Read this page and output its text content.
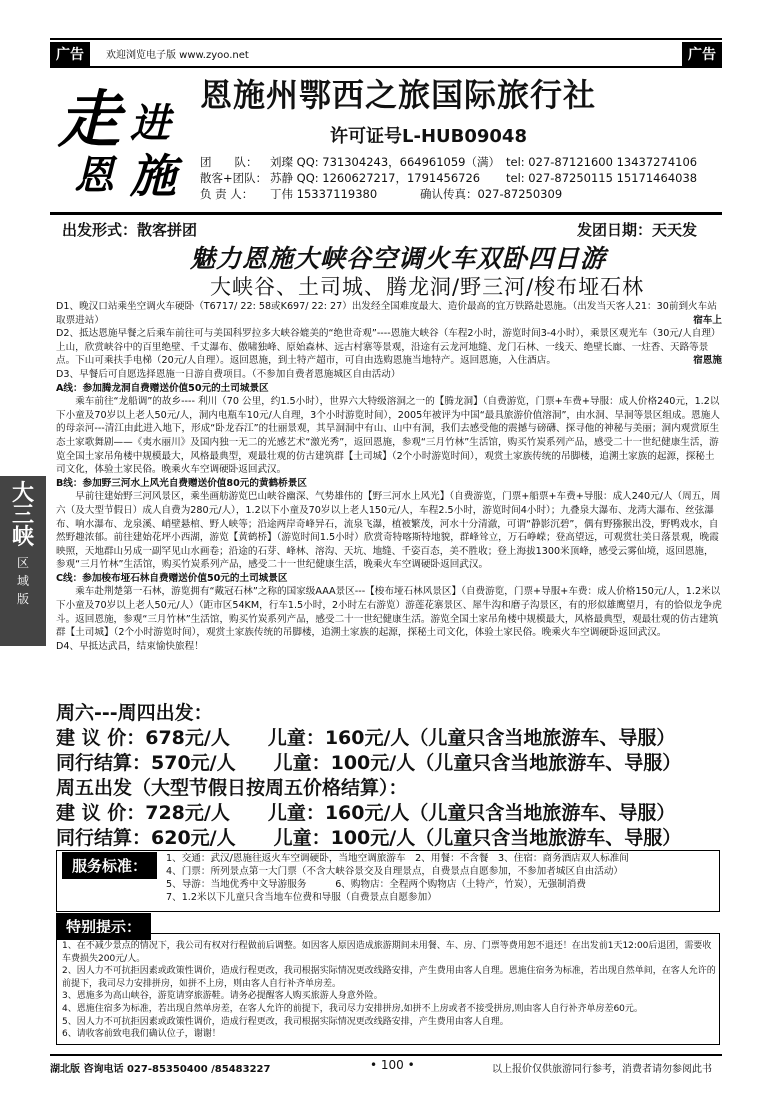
广告	欢迎浏览电子版 www.zyoo.net	广告
走 进
恩 施
恩施州鄂西之旅国际旅行社
许可证号L-HUB09048
团　　队： 刘璨 QQ: 731304243，664961059（满） tel: 027-87121600 13437274106
散客+团队： 苏静 QQ: 1260627217，1791456726 tel: 027-87250115 15171464038
负 责 人： 丁伟 15337119380	确认传真：027-87250309
出发形式：散客拼团	发团日期：天天发
魅力恩施大峡谷空调火车双卧四日游
大峡谷、土司城、腾龙洞/野三河/梭布垭石林

D1、晚汉口站乘坐空调火车硬卧（T6717/ 22: 58或K697/ 22: 27）出发经全国难度最大、造价最高的宜万铁路赴恩施。（出发当天客人21：30前到火车站取票进站）	宿车上

D2、抵达恩施早餐之后乘车前往可与美国科罗拉多大峡谷媲美的“绝世奇观”----恩施大峡谷（车程2小时，游览时间3-4小时），乘景区观光车（30元/人自理）上山，欣赏峡谷中的百里绝壁、千丈瀑布、傲啸独峰、原始森林、远古村寨等景观，沿途有云龙河地缝、龙门石林、一线天、绝壁长廊、一炷香、天路等景点。下山可乘扶手电梯（20元/人自理）。返回恩施，到土特产超市，可自由选购恩施当地特产。返回恩施，入住酒店。	宿恩施

D3、早餐后可自愿选择恩施一日游自费项目。（不参加自费者恩施城区自由活动）

A线：参加腾龙洞自费赠送价值50元的土司城景区

乘车前往“龙船调”的故乡---- 利川（70 公里，约1.5小时），世界六大特级溶洞之一的【腾龙洞】（自费游览，门票+车费+导服：成人价格240元，1.2以下小童及70岁以上老人50元/人，洞内电瓶车10元/人自理，3个小时游览时间），2005年被评为中国“最具旅游价值溶洞”，由水洞、旱洞等景区组成。恩施人的母亲河---清江由此进入地下，形成“卧龙吞江”的壮丽景观，其旱洞洞中有山、山中有洞，我们去感受他的震撼与磅礴、探寻他的神秘与美丽；洞内观赏原生态土家歌舞剧——《夷水丽川》及国内独一无二的光感艺术“激光秀”，返回恩施，参观“三月竹林”生活馆，购买竹炭系列产品，感受二十一世纪健康生活，游览全国土家吊角楼中规模最大，风格最典型，观最壮观的仿古建筑群【土司城】（2个小时游览时间），观赏土家族传统的吊脚楼，追溯土家族的起源，探秘土司文化，体验土家民俗。晚乘火车空调硬卧返回武汉。

B线：参加野三河水上风光自费赠送价值80元的黄鹤桥景区

早前往建始野三河风景区，乘坐画舫游览巴山峡谷幽深、气势雄伟的【野三河水上风光】（自费游览，门票+船票+车费+导服：成人240元/人（周五，周六（及大型节假日）成人自费为280元/人），1.2以下小童及70岁以上老人150元/人，车程2.5小时，游览时间4小时）；九叠泉大瀑布、龙湾大瀑布、丝弦瀑布、响水瀑布、龙泉溪、峭壁悬棺、野人峡等；沿途两岸奇峰异石，流泉飞瀑，植被繁茂，河水十分清澈，可谓“静影沉碧”，偶有野猕猴出没，野鸭戏水，自然野趣浓郁。前往建始花坪小西湖，游览【黄鹤桥】（游览时间1.5小时）欣赏奇特喀斯特地貌，群峰耸立，万石峥嵘；登高望远，可观赏壮美日落景观，晚霞映照，天地群山另成一副罕见山水画卷；沿途的石芽、峰林、溶沟、天坑、地缝、千姿百态，美不胜收；登上海拔1300米顶峰，感受云雾仙境，返回恩施，参观“三月竹林”生活馆，购买竹炭系列产品，感受二十一世纪健康生活，晚乘火车空调硬卧返回武汉。

C线：参加梭布垭石林自费赠送价值50元的土司城景区

乘车赴荆楚第一石林，游览拥有“戴冠石林”之称的国家级AAA景区---【梭布垭石林风景区】（自费游览，门票+导服+车费：成人价格150元/人，1.2米以下小童及70岁以上老人50元/人）（距市区54KM，行车1.5小时，2小时左右游览）游莲花寨景区、犀牛沟和磨子沟景区，有的形似雄鹰望月，有的恰似龙争虎斗。返回恩施，参观“三月竹林”生活馆，购买竹炭系列产品，感受二十一世纪健康生活。游览全国土家吊角楼中规模最大，风格最典型，观最壮观的仿古建筑群【土司城】（2个小时游览时间），观赏土家族传统的吊脚楼，追溯土家族的起源，探秘土司文化，体验土家民俗。晚乘火车空调硬卧返回武汉。

D4、早抵达武昌，结束愉快旅程！

大
三
峡
区
域
版
周六---周四出发：
建 议 价：678元/人　　儿童：160元/人（儿童只含当地旅游车、导服）
同行结算：570元/人　　儿童：100元/人（儿童只含当地旅游车、导服）
周五出发（大型节假日按周五价格结算）：
建 议 价：728元/人　　儿童：160元/人（儿童只含当地旅游车、导服）
同行结算：620元/人　　儿童：100元/人（儿童只含当地旅游车、导服）
服务标准：	1、交通：武汉/恩施往返火车空调硬卧，当地空调旅游车　2、用餐：不含餐　3、住宿：商务酒店双人标准间
4、门票：所列景点第一大门票（不含大峡谷景交及自理景点，自费景点自愿参加，不参加者城区自由活动）
5、导游：当地优秀中文导游服务　　　6、购物店：全程两个购物店（土特产，竹炭），无强制消费
7、1.2米以下儿童只含当地车位费和导服（自费景点自愿参加）
特别提示：
1、在不减少景点的情况下，我公司有权对行程做前后调整。如因客人原因造成旅游期间未用餐、车、房、门票等费用恕不退还！在出发前1天12:00后退团，需要收车费损失200元/人。
2、因人力不可抗拒因素或政策性调价，造成行程更改，我司根据实际情况更改线路安排，产生费用由客人自理。恩施住宿务为标准，若出现自然单间，在客人允许的前提下，我司尽力安排拼房，如拼不上房，则由客人自行补齐单房差。
3、恩施多为高山峡谷，游览请穿旅游鞋。请务必提醒客人购买旅游人身意外险。
4、恩施住宿多为标准，若出现自然单房差，在客人允许的前提下，我司尽力安排拼房,如拼不上房或者不接受拼房,则由客人自行补齐单房差60元。
5、因人力不可抗拒因素或政策性调价，造成行程更改，我司根据实际情况更改线路安排，产生费用由客人自理。
6、请收客前致电我们确认位子，谢谢！
湖北版 咨询电话 027-85350400 /85483227	• 100 •	以上报价仅供旅游同行参考，消费者请勿参阅此书
